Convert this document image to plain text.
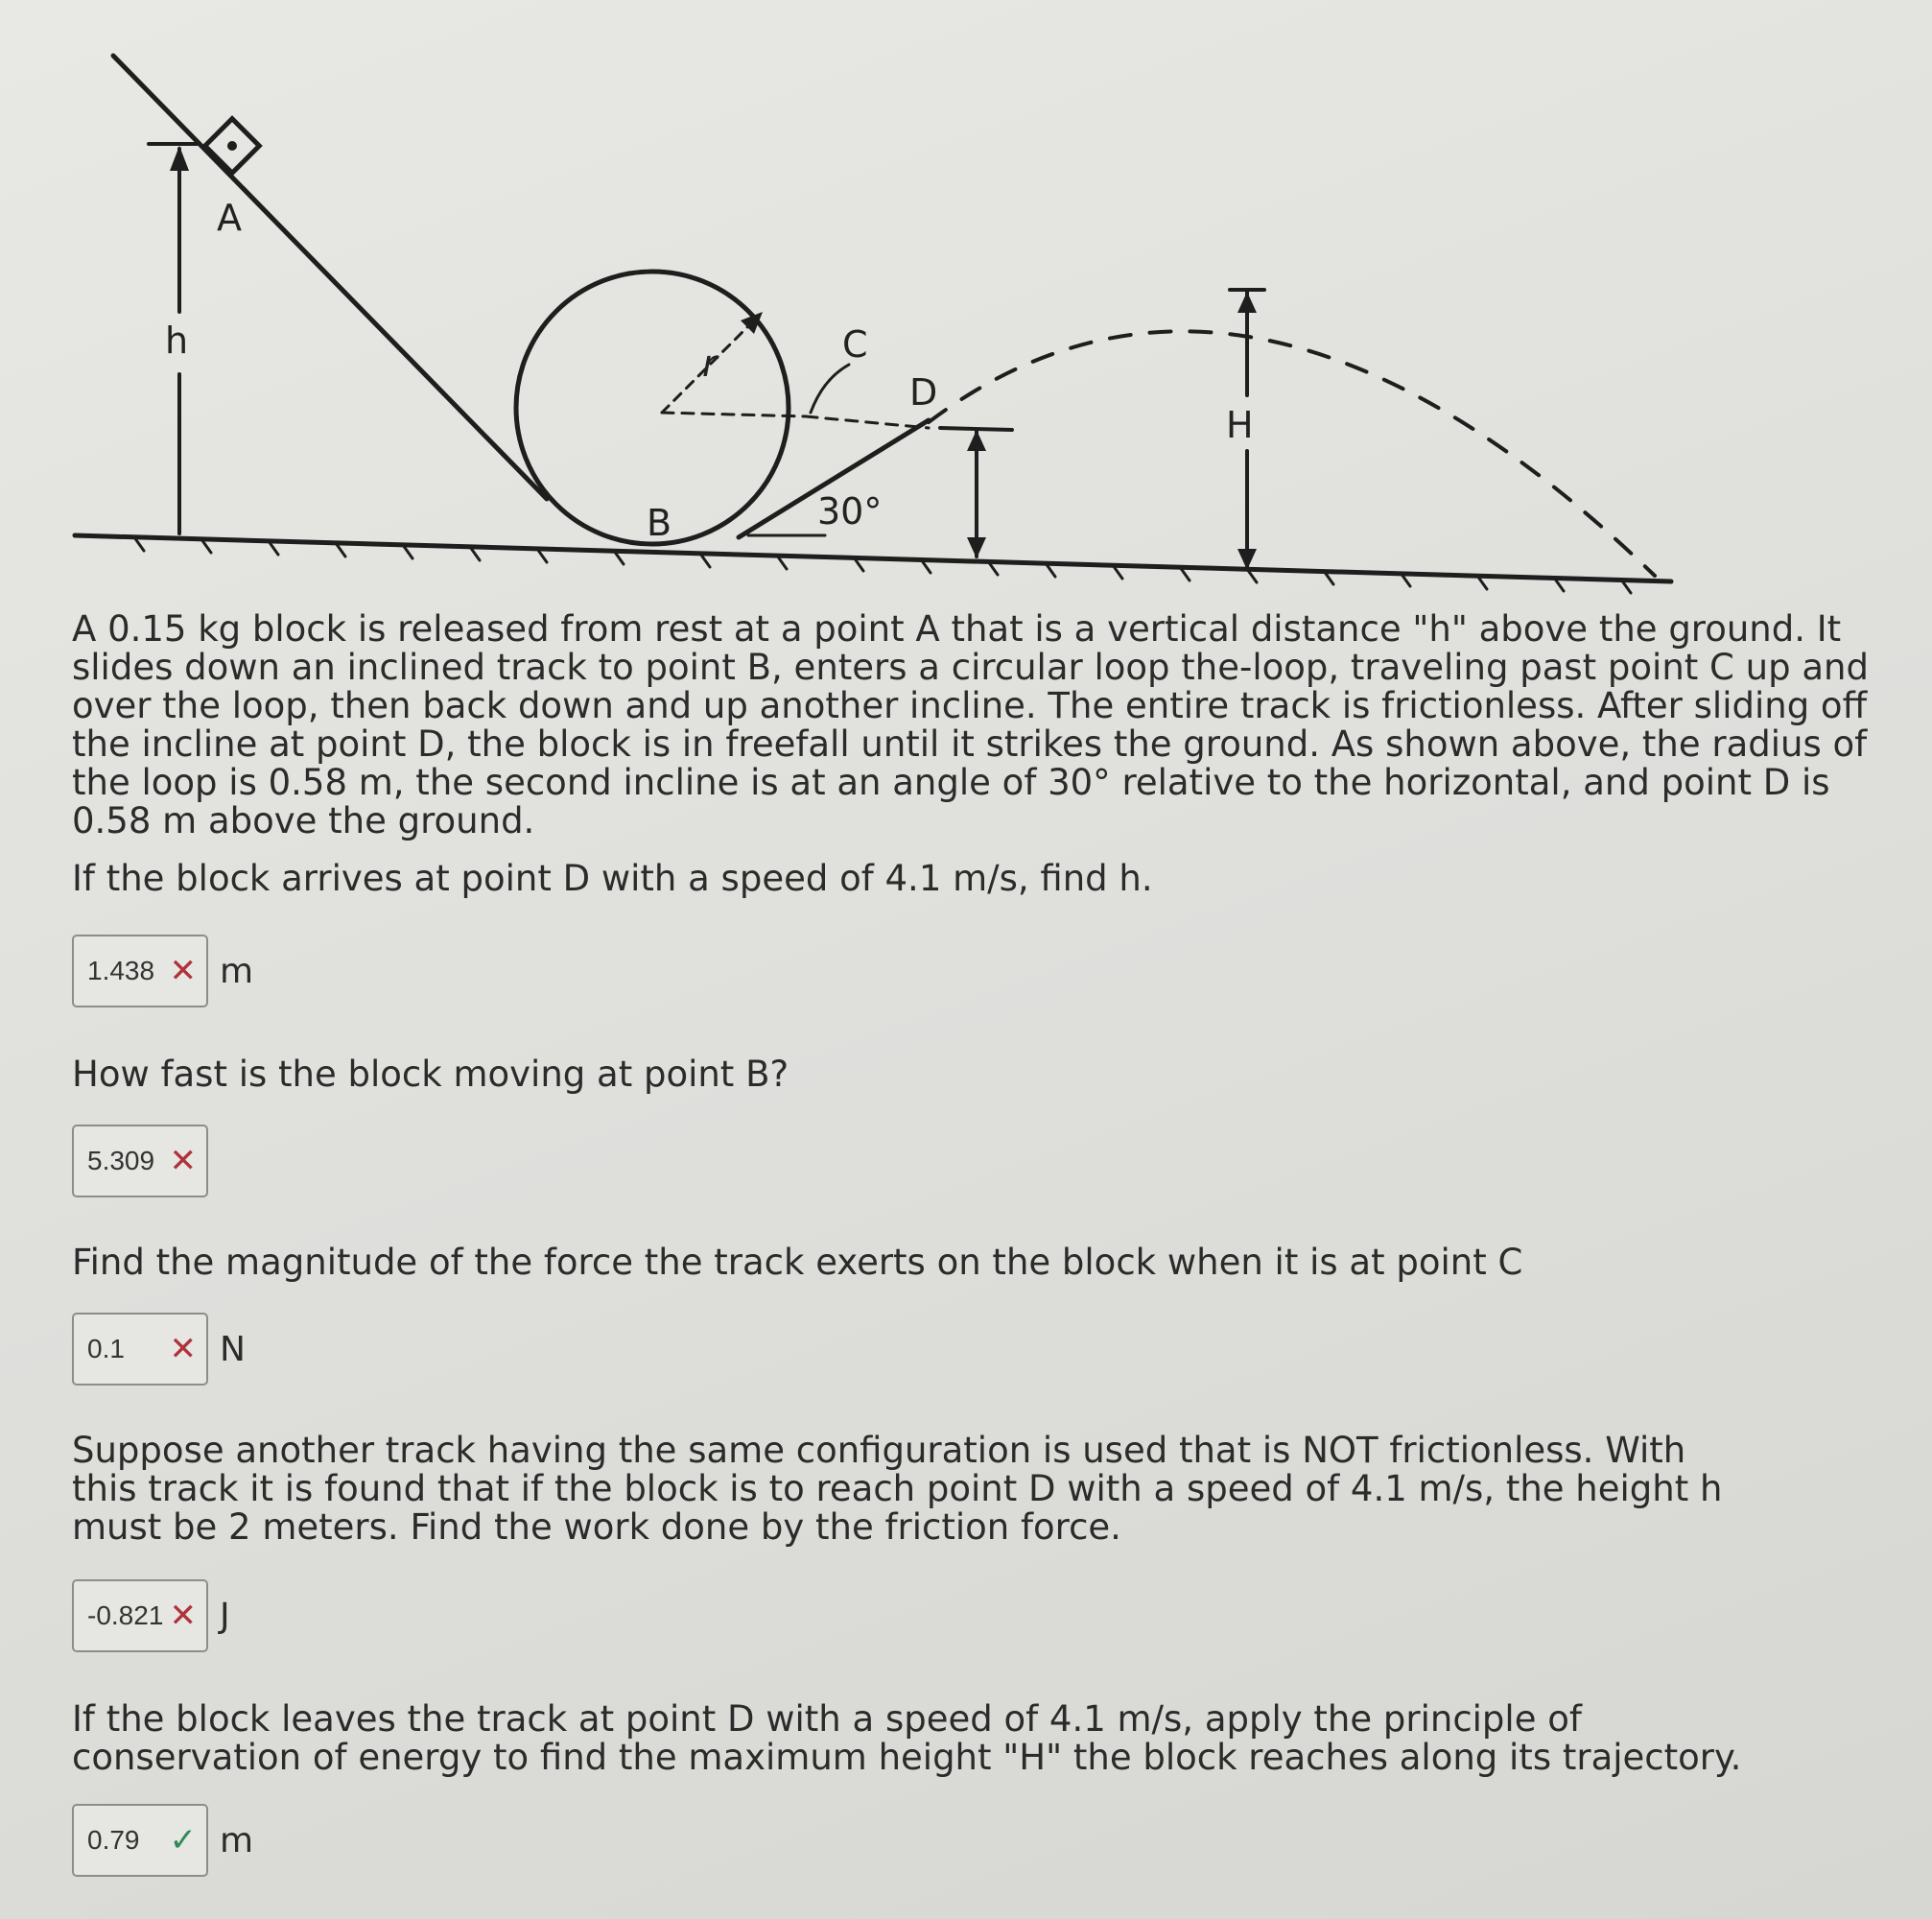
A
B
C
D
h
H
r
30°

A 0.15 kg block is released from rest at a point A that is a vertical distance "h" above the ground. It slides down an inclined track to point B, enters a circular loop the-loop, traveling past point C up and over the loop, then back down and up another incline. The entire track is frictionless. After sliding off the incline at point D, the block is in freefall until it strikes the ground. As shown above, the radius of the loop is 0.58 m, the second incline is at an angle of 30° relative to the horizontal, and point D is 0.58 m above the ground.

If the block arrives at point D with a speed of 4.1 m/s, find h.

1.438 ✕ m

How fast is the block moving at point B?

5.309 ✕

Find the magnitude of the force the track exerts on the block when it is at point C

0.1 ✕ N

Suppose another track having the same configuration is used that is NOT frictionless. With this track it is found that if the block is to reach point D with a speed of 4.1 m/s, the height h must be 2 meters. Find the work done by the friction force.

-0.821 ✕ J

If the block leaves the track at point D with a speed of 4.1 m/s, apply the principle of conservation of energy to find the maximum height "H" the block reaches along its trajectory.

0.79 ✓ m
